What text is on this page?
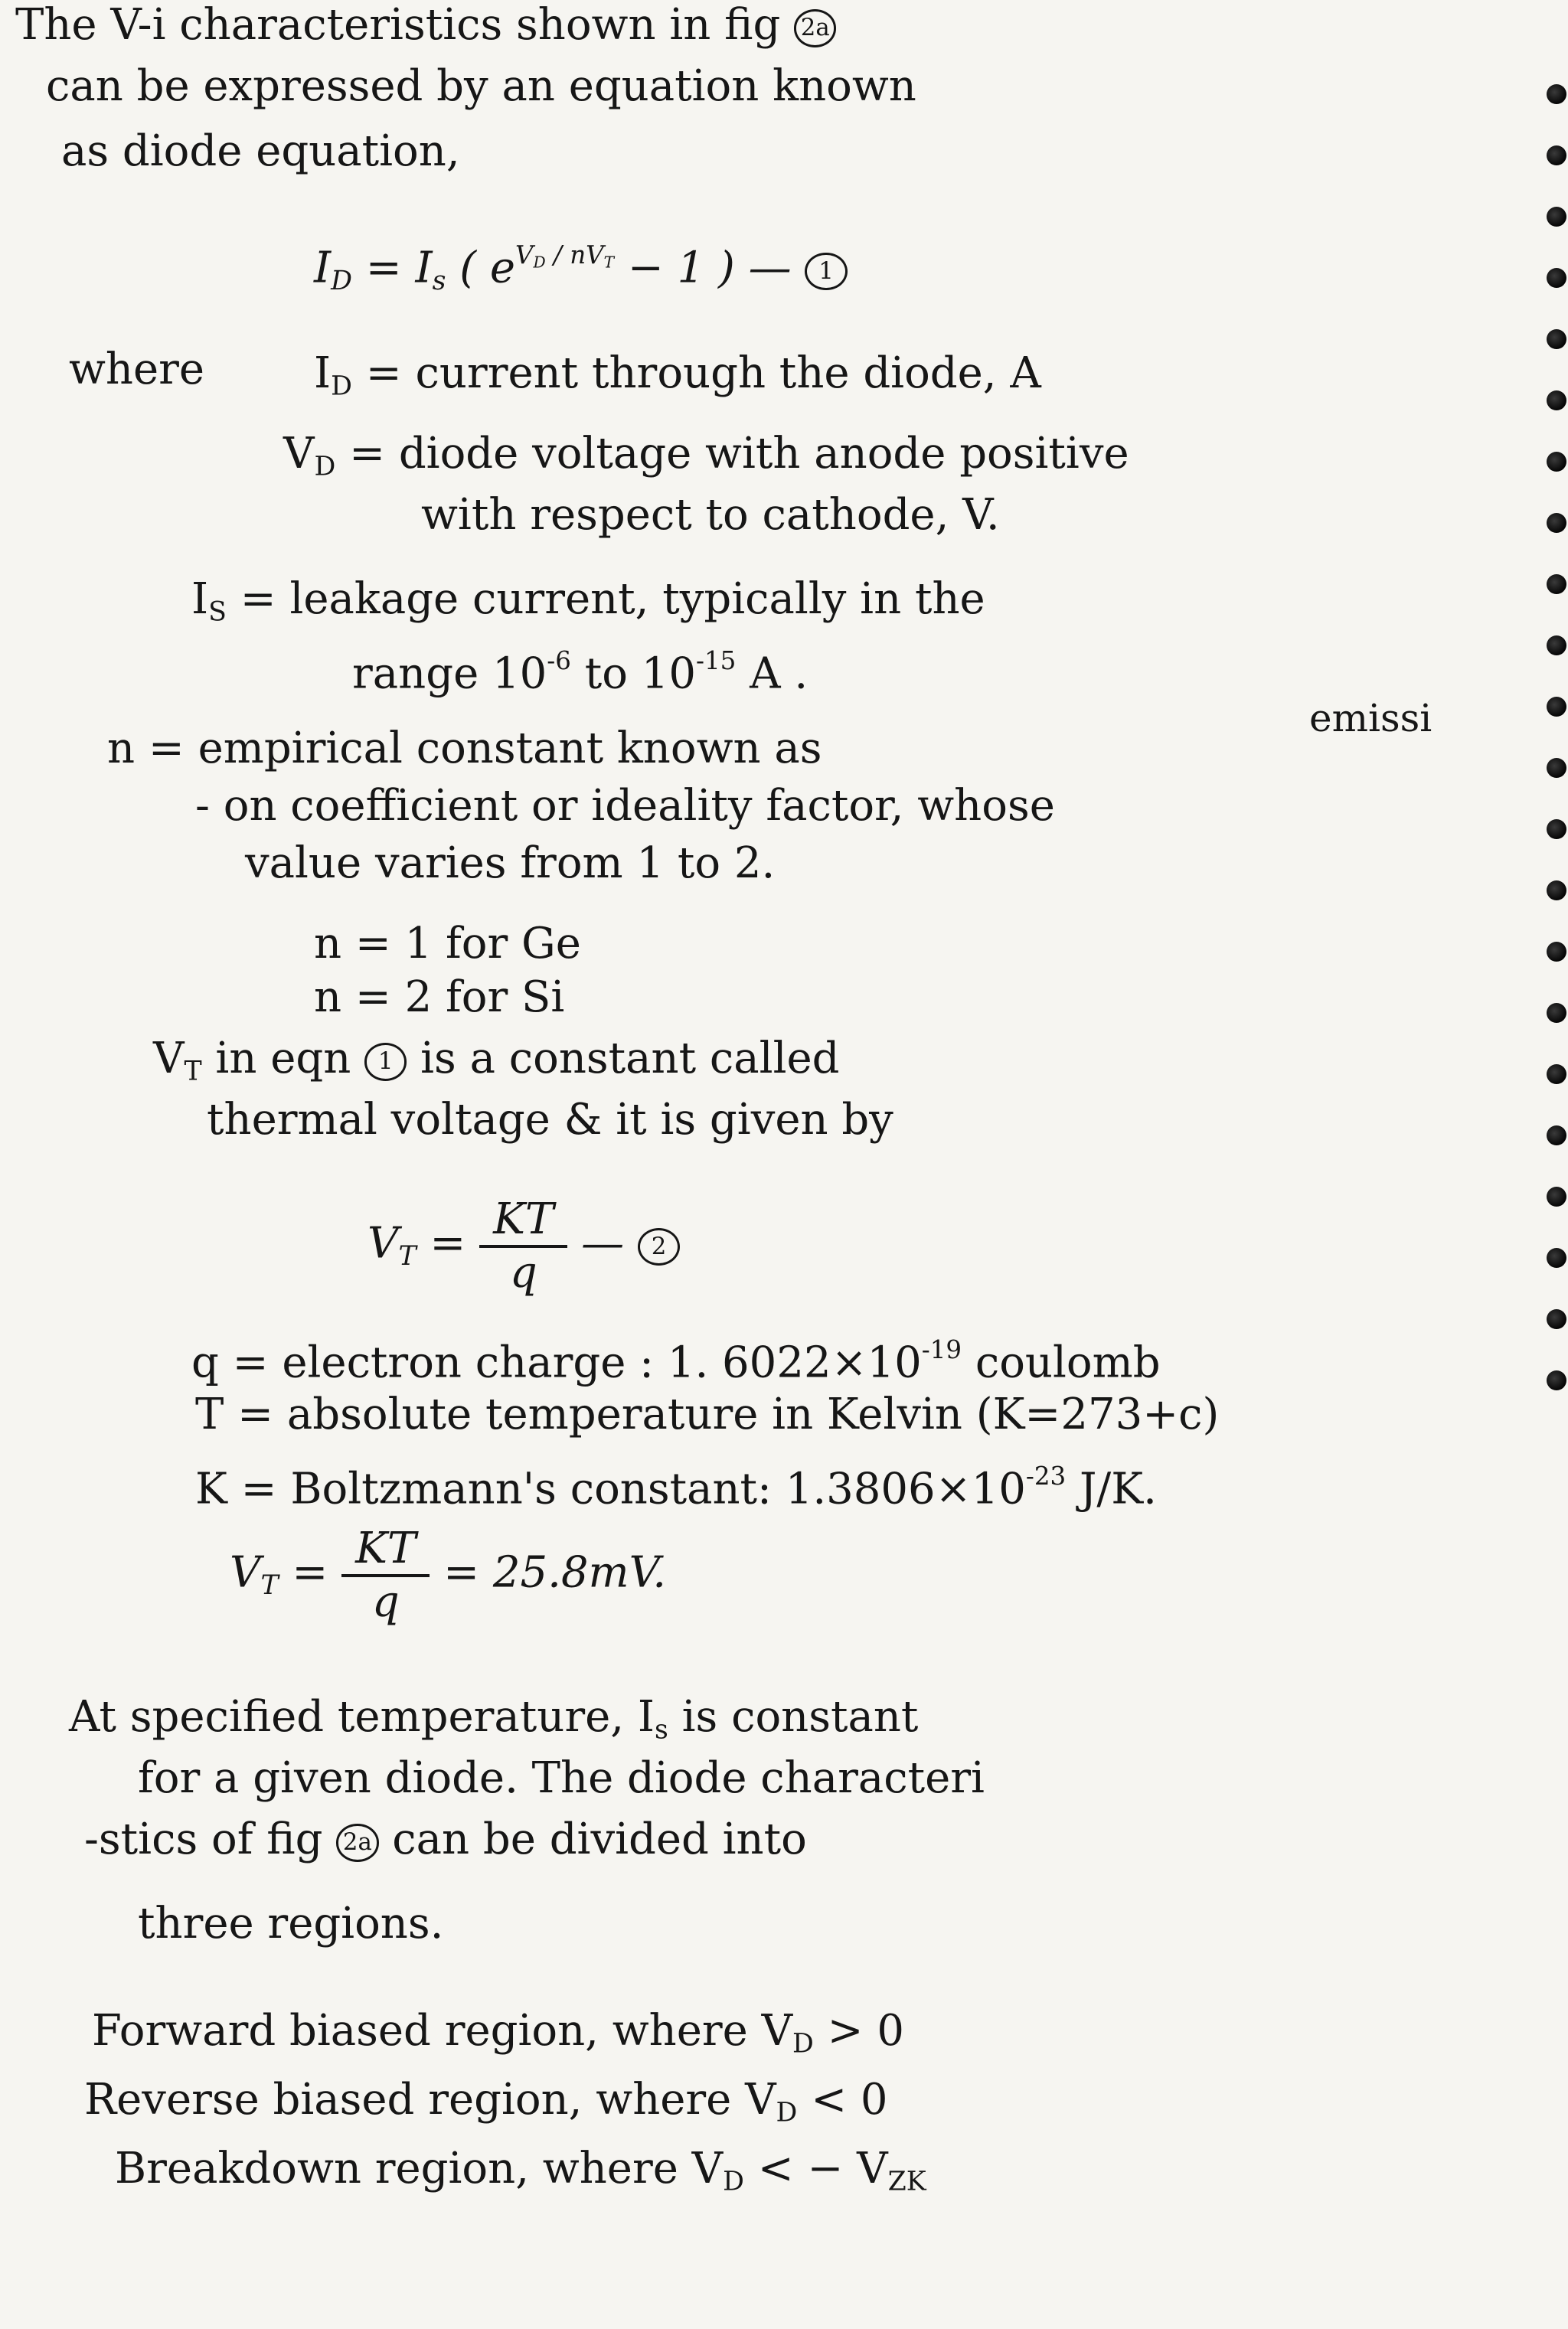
The V-i characteristics shown in fig 2a
can be expressed by an equation known
as diode equation,
$I_D = I_s$ ( $e^{V_D / nV_T} - 1$ ) — 1
where	$I_D$ = current through the diode, A
$V_D$ = diode voltage with anode positive
with respect to cathode, V.
$I_S$ = leakage current, typically in the
range $10^{-6}$ to $10^{-15}$ A .
emissi
n = empirical constant known as
- on coefficient or ideality factor, whose
value varies from 1 to 2.
n = 1 for Ge
n = 2 for Si
$V_T$ in eqn 1 is a constant called
thermal voltage & it is given by
$V_T = \frac{KT}{q}$ — 2
q = electron charge : 1. $6022\times 10^{-19}$ coulomb
T = absolute temperature in Kelvin (K=273+c)
K = Boltzmann's constant: $1.3806\times 10^{-23}$ J/K.
$V_T = \frac{KT}{q} = 25.8mV$.
At specified temperature, $I_s$ is constant
for a given diode. The diode characteri
-stics of fig 2a can be divided into
three regions.
Forward biased region, where $V_D > 0$
Reverse biased region, where $V_D < 0$
Breakdown region, where $V_D$ < − $V_{ZK}$
